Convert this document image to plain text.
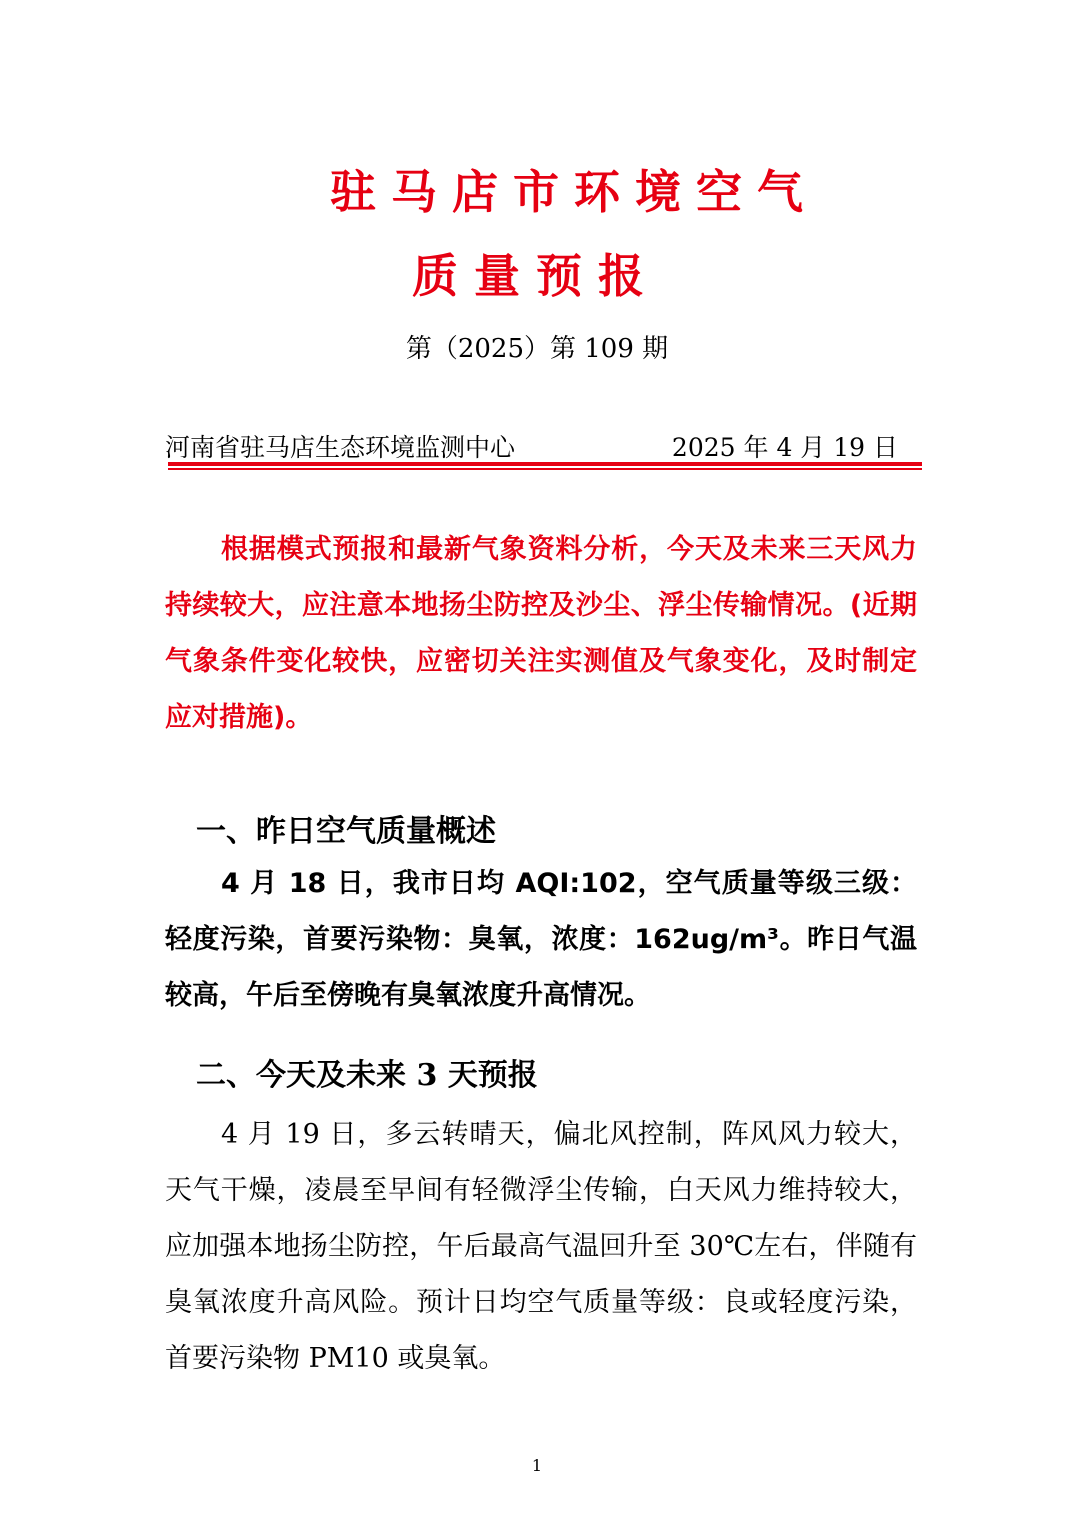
驻马店市环境空气
质量预报
第（2025）第 109 期
河南省驻马店生态环境监测中心	2025 年 4 月 19 日

根据模式预报和最新气象资料分析，今天及未来三天风力持续较大，应注意本地扬尘防控及沙尘、浮尘传输情况。(近期气象条件变化较快，应密切关注实测值及气象变化，及时制定应对措施)。

一、昨日空气质量概述

4 月 18 日，我市日均 AQI:102，空气质量等级三级：轻度污染，首要污染物：臭氧，浓度：162ug/m³。昨日气温较高，午后至傍晚有臭氧浓度升高情况。

二、今天及未来 3 天预报

4 月 19 日，多云转晴天，偏北风控制，阵风风力较大，天气干燥，凌晨至早间有轻微浮尘传输，白天风力维持较大，应加强本地扬尘防控，午后最高气温回升至 30℃左右，伴随有臭氧浓度升高风险。预计日均空气质量等级：良或轻度污染，首要污染物 PM10 或臭氧。

1
